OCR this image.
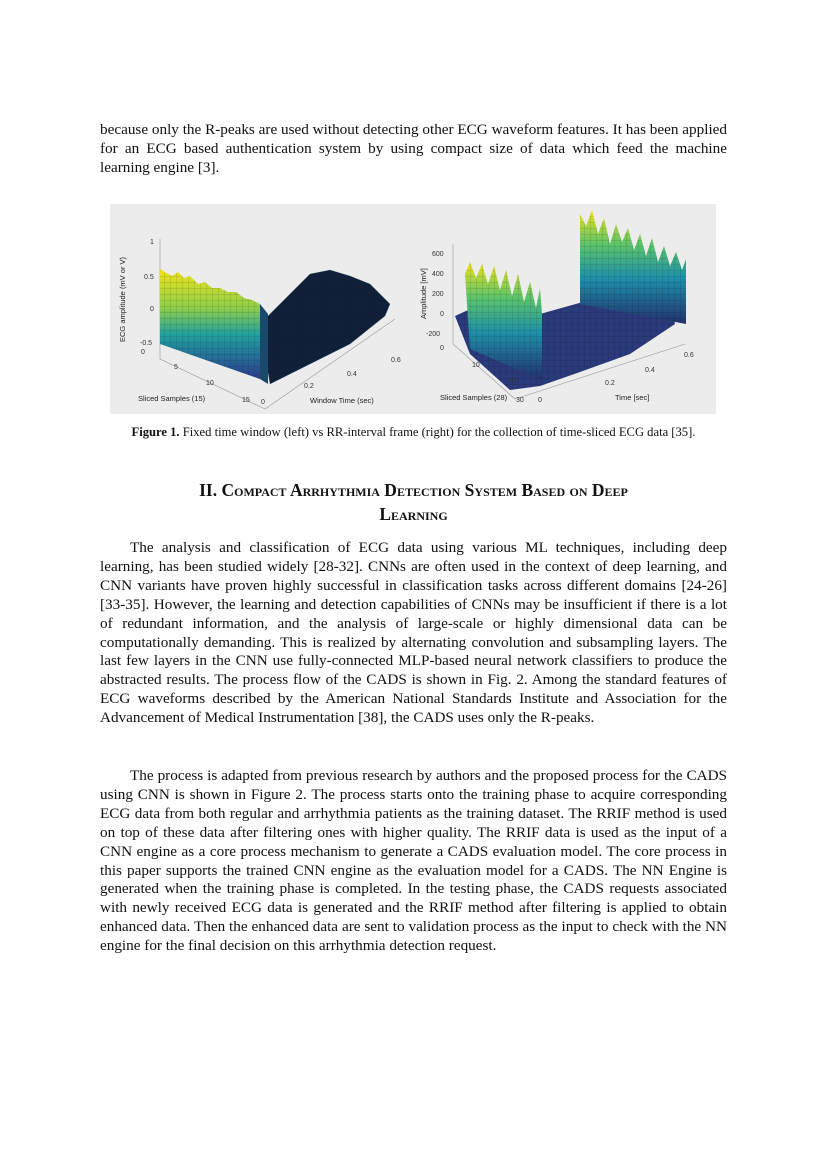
because only the R-peaks are used without detecting other ECG waveform features. It has been applied for an ECG based authentication system by using compact size of data which feed the machine learning engine [3].

1
0.5
0
-0.5
ECG amplitude (mV or V)
0
5
10
15
Sliced Samples (15)	0
0.2
0.4
0.6
Window Time (sec)
600
400
200
0
-200
Amplitude [mV]
0
10
20
30
Sliced Samples (28)	0
0.2
0.4
0.6
Time [sec]
Figure 1. Fixed time window (left) vs RR-interval frame (right) for the collection of time-sliced ECG data [35].
II. Compact Arrhythmia Detection System Based on Deep
Learning

The analysis and classification of ECG data using various ML techniques, including deep learning, has been studied widely [28-32]. CNNs are often used in the context of deep learning, and CNN variants have proven highly successful in classification tasks across different domains [24-26][33-35]. However, the learning and detection capabilities of CNNs may be insufficient if there is a lot of redundant information, and the analysis of large-scale or highly dimensional data can be computationally demanding. This is realized by alternating convolution and subsampling layers. The last few layers in the CNN use fully-connected MLP-based neural network classifiers to produce the abstracted results. The process flow of the CADS is shown in Fig. 2. Among the standard features of ECG waveforms described by the American National Standards Institute and Association for the Advancement of Medical Instrumentation [38], the CADS uses only the R-peaks.

The process is adapted from previous research by authors and the proposed process for the CADS using CNN is shown in Figure 2. The process starts onto the training phase to acquire corresponding ECG data from both regular and arrhythmia patients as the training dataset. The RRIF method is used on top of these data after filtering ones with higher quality. The RRIF data is used as the input of a CNN engine as a core process mechanism to generate a CADS evaluation model. The core process in this paper supports the trained CNN engine as the evaluation model for a CADS. The NN Engine is generated when the training phase is completed. In the testing phase, the CADS requests associated with newly received ECG data is generated and the RRIF method after filtering is applied to obtain enhanced data. Then the enhanced data are sent to validation process as the input to check with the NN engine for the final decision on this arrhythmia detection request.
